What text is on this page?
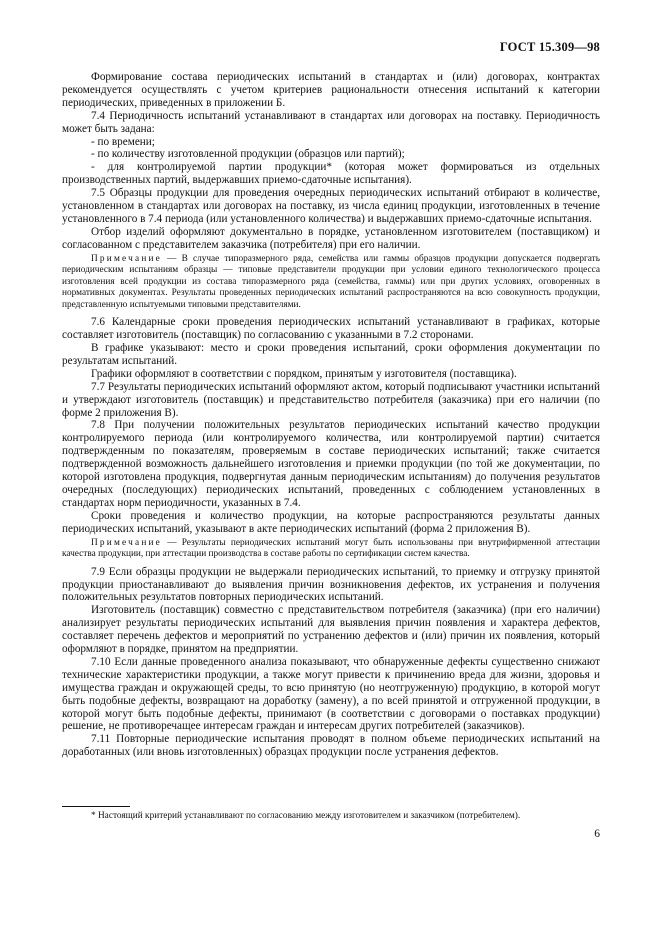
ГОСТ 15.309—98

Формирование состава периодических испытаний в стандартах и (или) договорах, контрактах рекомендуется осуществлять с учетом критериев рациональности отнесения испытаний к категории периодических, приведенных в приложении Б.

7.4 Периодичность испытаний устанавливают в стандартах или договорах на поставку. Периодичность может быть задана:

- по времени;

- по количеству изготовленной продукции (образцов или партий);

- для контролируемой партии продукции* (которая может формироваться из отдельных производственных партий, выдержавших приемо-сдаточные испытания).

7.5 Образцы продукции для проведения очередных периодических испытаний отбирают в количестве, установленном в стандартах или договорах на поставку, из числа единиц продукции, изготовленных в течение установленного в 7.4 периода (или установленного количества) и выдержавших приемо-сдаточные испытания.

Отбор изделий оформляют документально в порядке, установленном изготовителем (поставщиком) и согласованном с представителем заказчика (потребителя) при его наличии.

Примечание — В случае типоразмерного ряда, семейства или гаммы образцов продукции допускается подвергать периодическим испытаниям образцы — типовые представители продукции при условии единого технологического процесса изготовления всей продукции из состава типоразмерного ряда (семейства, гаммы) или при других условиях, оговоренных в нормативных документах. Результаты проведенных периодических испытаний распространяются на всю совокупность продукции, представленную испытуемыми типовыми представителями.

7.6 Календарные сроки проведения периодических испытаний устанавливают в графиках, которые составляет изготовитель (поставщик) по согласованию с указанными в 7.2 сторонами.

В графике указывают: место и сроки проведения испытаний, сроки оформления документации по результатам испытаний.

Графики оформляют в соответствии с порядком, принятым у изготовителя (поставщика).

7.7 Результаты периодических испытаний оформляют актом, который подписывают участники испытаний и утверждают изготовитель (поставщик) и представительство потребителя (заказчика) при его наличии (по форме 2 приложения В).

7.8 При получении положительных результатов периодических испытаний качество продукции контролируемого периода (или контролируемого количества, или контролируемой партии) считается подтвержденным по показателям, проверяемым в составе периодических испытаний; также считается подтвержденной возможность дальнейшего изготовления и приемки продукции (по той же документации, по которой изготовлена продукция, подвергнутая данным периодическим испытаниям) до получения результатов очередных (последующих) периодических испытаний, проведенных с соблюдением установленных в стандартах норм периодичности, указанных в 7.4.

Сроки проведения и количество продукции, на которые распространяются результаты данных периодических испытаний, указывают в акте периодических испытаний (форма 2 приложения В).

Примечание — Результаты периодических испытаний могут быть использованы при внутрифирменной аттестации качества продукции, при аттестации производства в составе работы по сертификации систем качества.

7.9 Если образцы продукции не выдержали периодических испытаний, то приемку и отгрузку принятой продукции приостанавливают до выявления причин возникновения дефектов, их устранения и получения положительных результатов повторных периодических испытаний.

Изготовитель (поставщик) совместно с представительством потребителя (заказчика) (при его наличии) анализирует результаты периодических испытаний для выявления причин появления и характера дефектов, составляет перечень дефектов и мероприятий по устранению дефектов и (или) причин их появления, который оформляют в порядке, принятом на предприятии.

7.10 Если данные проведенного анализа показывают, что обнаруженные дефекты существенно снижают технические характеристики продукции, а также могут привести к причинению вреда для жизни, здоровья и имущества граждан и окружающей среды, то всю принятую (но неотгруженную) продукцию, в которой могут быть подобные дефекты, возвращают на доработку (замену), а по всей принятой и отгруженной продукции, в которой могут быть подобные дефекты, принимают (в соответствии с договорами о поставках продукции) решение, не противоречащее интересам граждан и интересам других потребителей (заказчиков).

7.11 Повторные периодические испытания проводят в полном объеме периодических испытаний на доработанных (или вновь изготовленных) образцах продукции после устранения дефектов.

* Настоящий критерий устанавливают по согласованию между изготовителем и заказчиком (потребителем).
6
